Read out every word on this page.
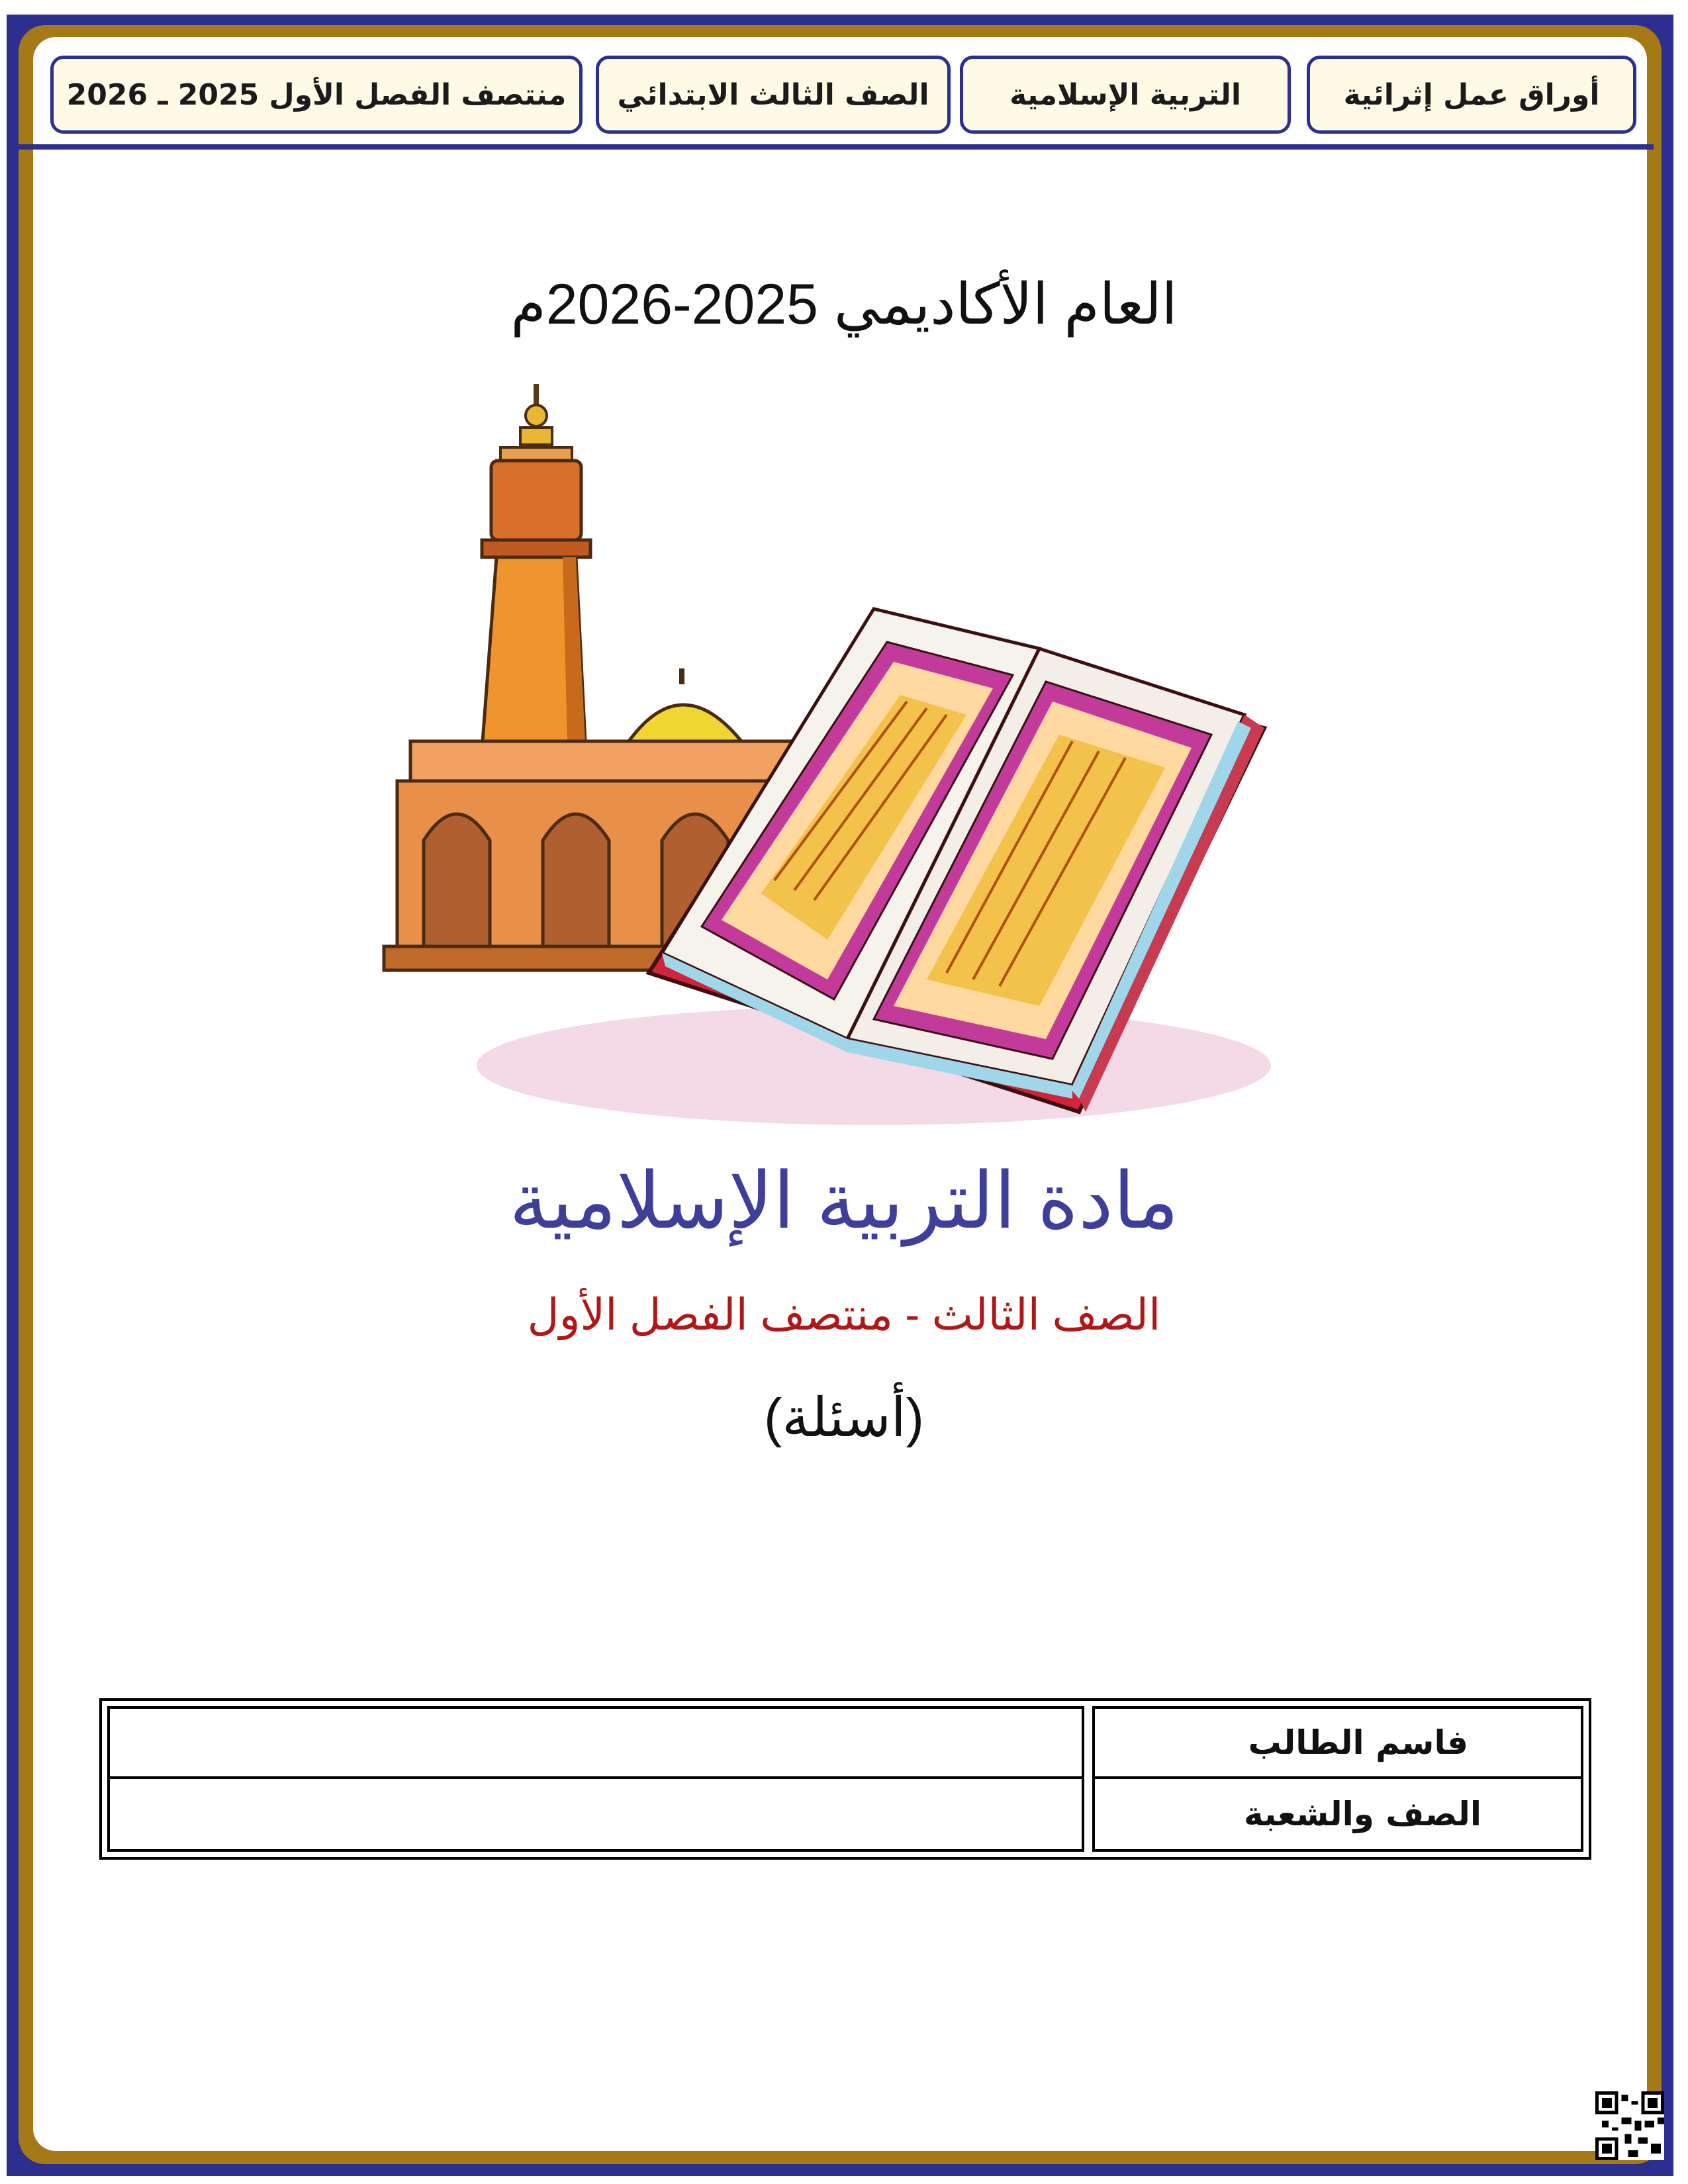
أوراق عمل إثرائية
التربية الإسلامية
الصف الثالث الابتدائي
منتصف الفصل الأول 2025 ـ 2026
العام الأكاديمي 2025-2026م
مادة التربية الإسلامية
الصف الثالث - منتصف الفصل الأول
(أسئلة)
فاسم الطالب
الصف والشعبة
